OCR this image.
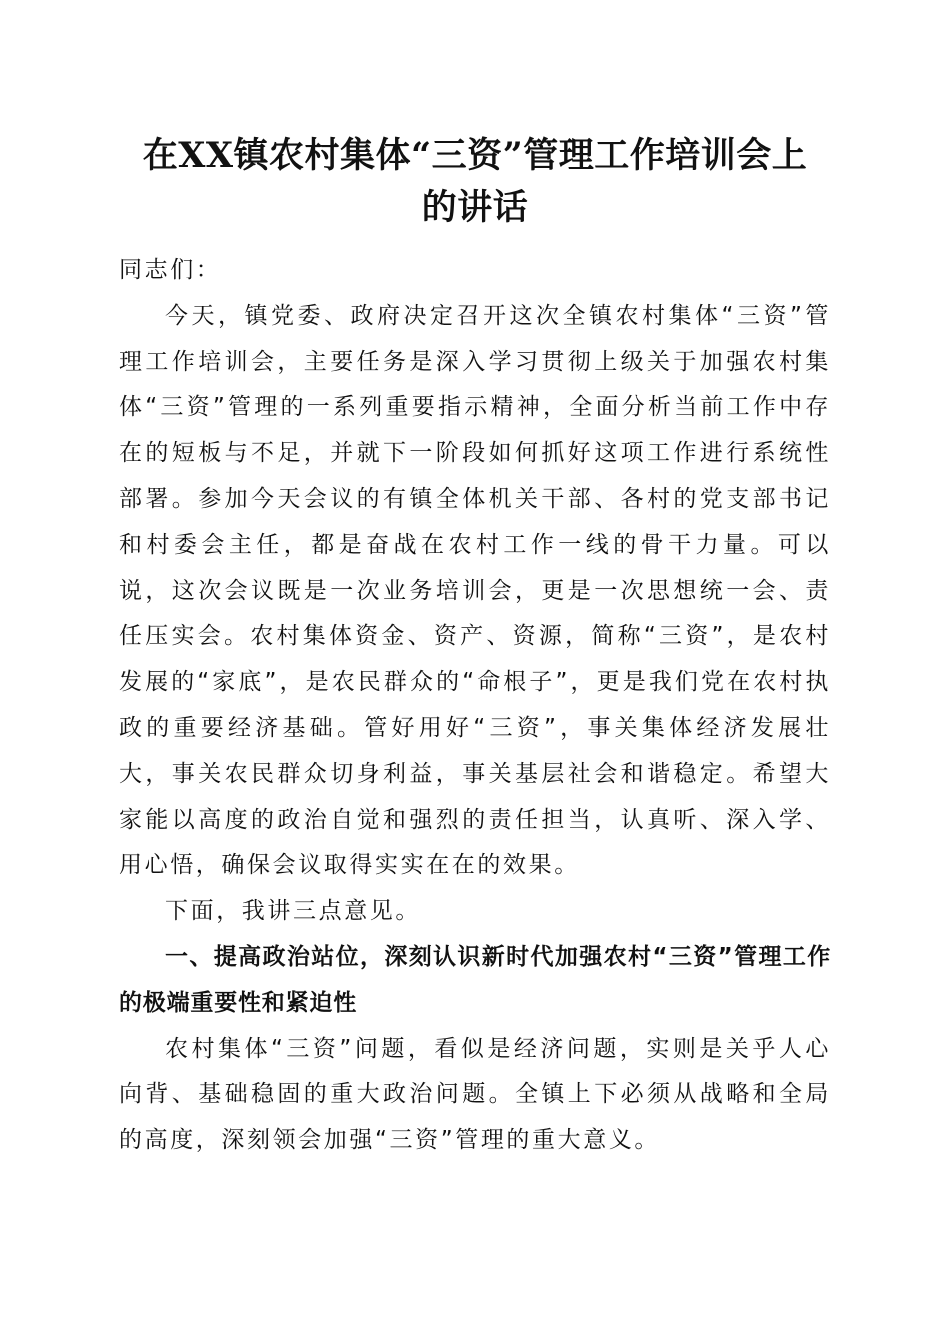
在XX镇农村集体“三资”管理工作培训会上
的讲话

同志们：

今天，镇党委、政府决定召开这次全镇农村集体“三资”管理工作培训会，主要任务是深入学习贯彻上级关于加强农村集体“三资”管理的一系列重要指示精神，全面分析当前工作中存在的短板与不足，并就下一阶段如何抓好这项工作进行系统性部署。参加今天会议的有镇全体机关干部、各村的党支部书记和村委会主任，都是奋战在农村工作一线的骨干力量。可以说，这次会议既是一次业务培训会，更是一次思想统一会、责任压实会。农村集体资金、资产、资源，简称“三资”，是农村发展的“家底”，是农民群众的“命根子”，更是我们党在农村执政的重要经济基础。管好用好“三资”，事关集体经济发展壮大，事关农民群众切身利益，事关基层社会和谐稳定。希望大家能以高度的政治自觉和强烈的责任担当，认真听、深入学、用心悟，确保会议取得实实在在的效果。

下面，我讲三点意见。

一、提高政治站位，深刻认识新时代加强农村“三资”管理工作的极端重要性和紧迫性

农村集体“三资”问题，看似是经济问题，实则是关乎人心向背、基础稳固的重大政治问题。全镇上下必须从战略和全局的高度，深刻领会加强“三资”管理的重大意义。
